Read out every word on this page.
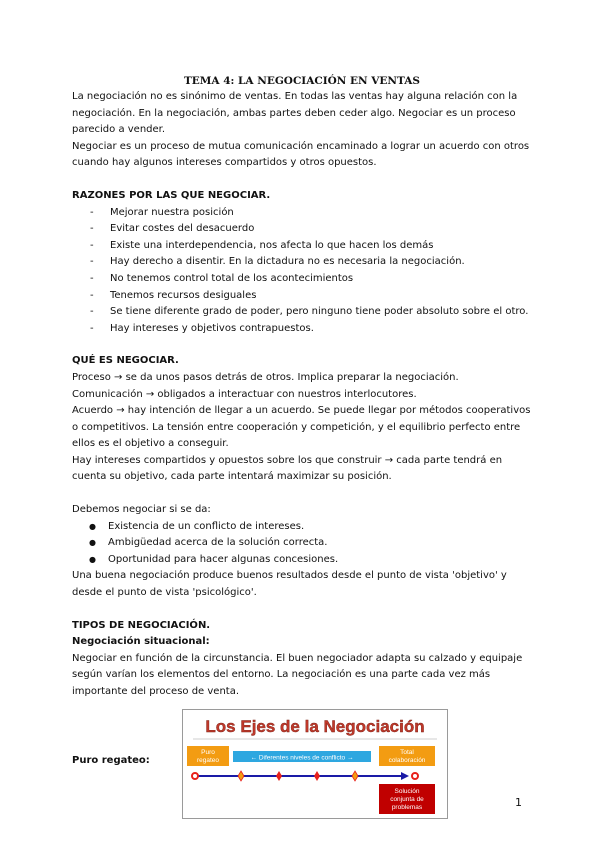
TEMA 4: LA NEGOCIACIÓN EN VENTAS

La negociación no es sinónimo de ventas. En todas las ventas hay alguna relación con la negociación. En la negociación, ambas partes deben ceder algo. Negociar es un proceso parecido a vender.

Negociar es un proceso de mutua comunicación encaminado a lograr un acuerdo con otros cuando hay algunos intereses compartidos y otros opuestos.

RAZONES POR LAS QUE NEGOCIAR.

- Mejorar nuestra posición
- Evitar costes del desacuerdo
- Existe una interdependencia, nos afecta lo que hacen los demás
- Hay derecho a disentir. En la dictadura no es necesaria la negociación.
- No tenemos control total de los acontecimientos
- Tenemos recursos desiguales
- Se tiene diferente grado de poder, pero ninguno tiene poder absoluto sobre el otro.
- Hay intereses y objetivos contrapuestos.

QUÉ ES NEGOCIAR.

Proceso → se da unos pasos detrás de otros. Implica preparar la negociación.

Comunicación → obligados a interactuar con nuestros interlocutores.

Acuerdo → hay intención de llegar a un acuerdo. Se puede llegar por métodos cooperativos o competitivos. La tensión entre cooperación y competición, y el equilibrio perfecto entre ellos es el objetivo a conseguir.

Hay intereses compartidos y opuestos sobre los que construir → cada parte tendrá en cuenta su objetivo, cada parte intentará maximizar su posición.

Debemos negociar si se da:

● Existencia de un conflicto de intereses.
● Ambigüedad acerca de la solución correcta.
● Oportunidad para hacer algunas concesiones.

Una buena negociación produce buenos resultados desde el punto de vista 'objetivo' y desde el punto de vista 'psicológico'.

TIPOS DE NEGOCIACIÓN.

Negociación situacional:

Negociar en función de la circunstancia. El buen negociador adapta su calzado y equipaje según varían los elementos del entorno. La negociación es una parte cada vez más importante del proceso de venta.

Puro regateo:
Los Ejes de la Negociación
Puro
regateo	← Diferentes niveles de conflicto →
Total
colaboración
Solución
conjunta de
problemas	1
